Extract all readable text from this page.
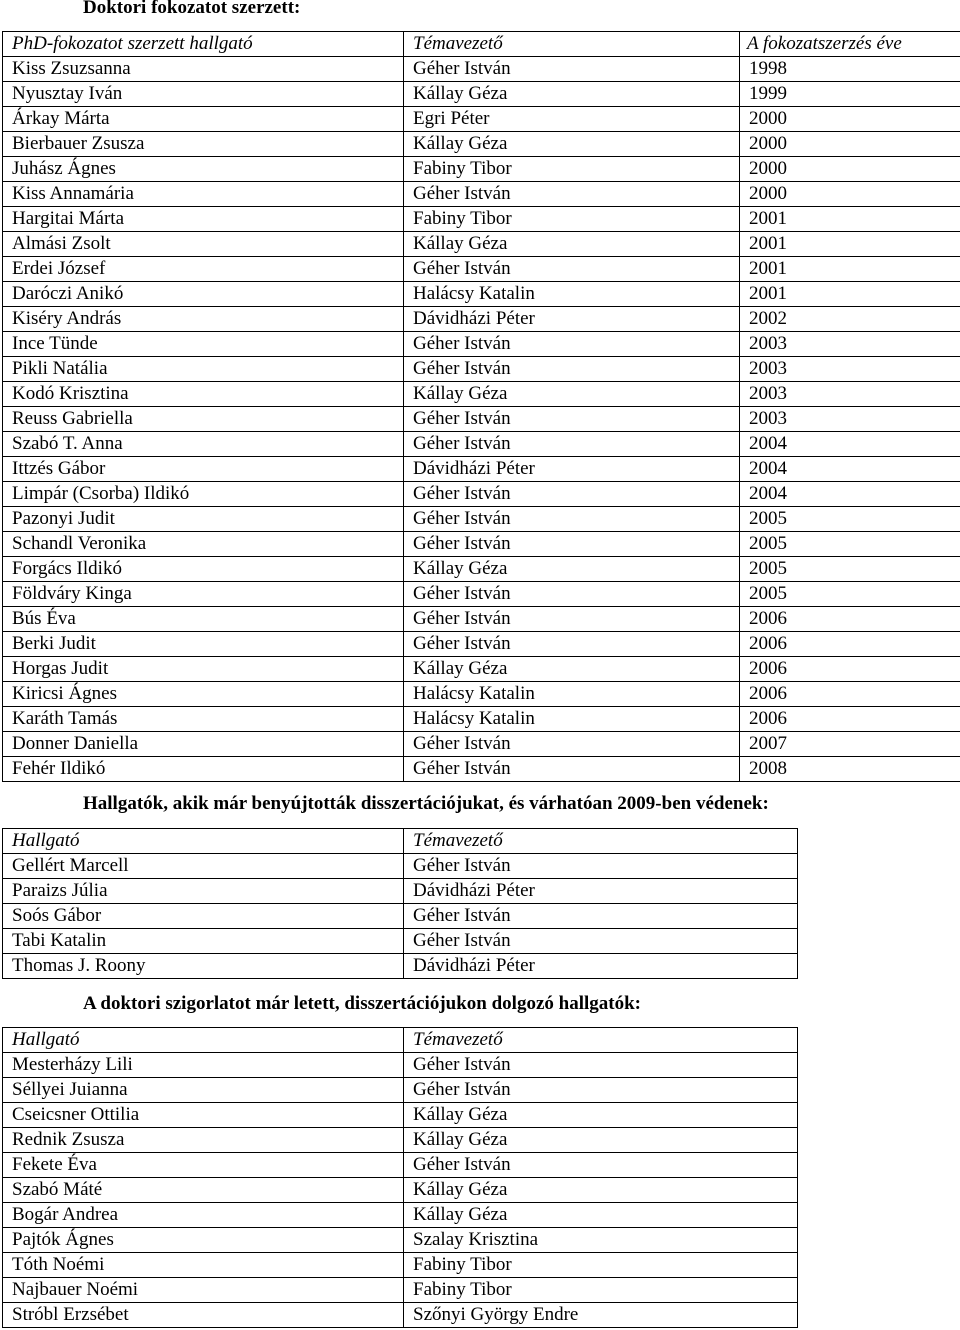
Doktori fokozatot szerzett:
PhD-fokozatot szerzett hallgató	Témavezető	A fokozatszerzés éve
Kiss Zsuzsanna	Géher István	1998
Nyusztay Iván	Kállay Géza	1999
Árkay Márta	Egri Péter	2000
Bierbauer Zsusza	Kállay Géza	2000
Juhász Ágnes	Fabiny Tibor	2000
Kiss Annamária	Géher István	2000
Hargitai Márta	Fabiny Tibor	2001
Almási Zsolt	Kállay Géza	2001
Erdei József	Géher István	2001
Daróczi Anikó	Halácsy Katalin	2001
Kiséry András	Dávidházi Péter	2002
Ince Tünde	Géher István	2003
Pikli Natália	Géher István	2003
Kodó Krisztina	Kállay Géza	2003
Reuss Gabriella	Géher István	2003
Szabó T. Anna	Géher István	2004
Ittzés Gábor	Dávidházi Péter	2004
Limpár (Csorba) Ildikó	Géher István	2004
Pazonyi Judit	Géher István	2005
Schandl Veronika	Géher István	2005
Forgács Ildikó	Kállay Géza	2005
Földváry Kinga	Géher István	2005
Bús Éva	Géher István	2006
Berki Judit	Géher István	2006
Horgas Judit	Kállay Géza	2006
Kiricsi Ágnes	Halácsy Katalin	2006
Karáth Tamás	Halácsy Katalin	2006
Donner Daniella	Géher István	2007
Fehér Ildikó	Géher István	2008
Hallgatók, akik már benyújtották disszertációjukat, és várhatóan 2009-ben védenek:
Hallgató	Témavezető
Gellért Marcell	Géher István
Paraizs Júlia	Dávidházi Péter
Soós Gábor	Géher István
Tabi Katalin	Géher István
Thomas J. Roony	Dávidházi Péter
A doktori szigorlatot már letett, disszertációjukon dolgozó hallgatók:
Hallgató	Témavezető
Mesterházy Lili	Géher István
Séllyei Juianna	Géher István
Cseicsner Ottilia	Kállay Géza
Rednik Zsusza	Kállay Géza
Fekete Éva	Géher István
Szabó Máté	Kállay Géza
Bogár Andrea	Kállay Géza
Pajtók Ágnes	Szalay Krisztina
Tóth Noémi	Fabiny Tibor
Najbauer Noémi	Fabiny Tibor
Stróbl Erzsébet	Szőnyi György Endre
